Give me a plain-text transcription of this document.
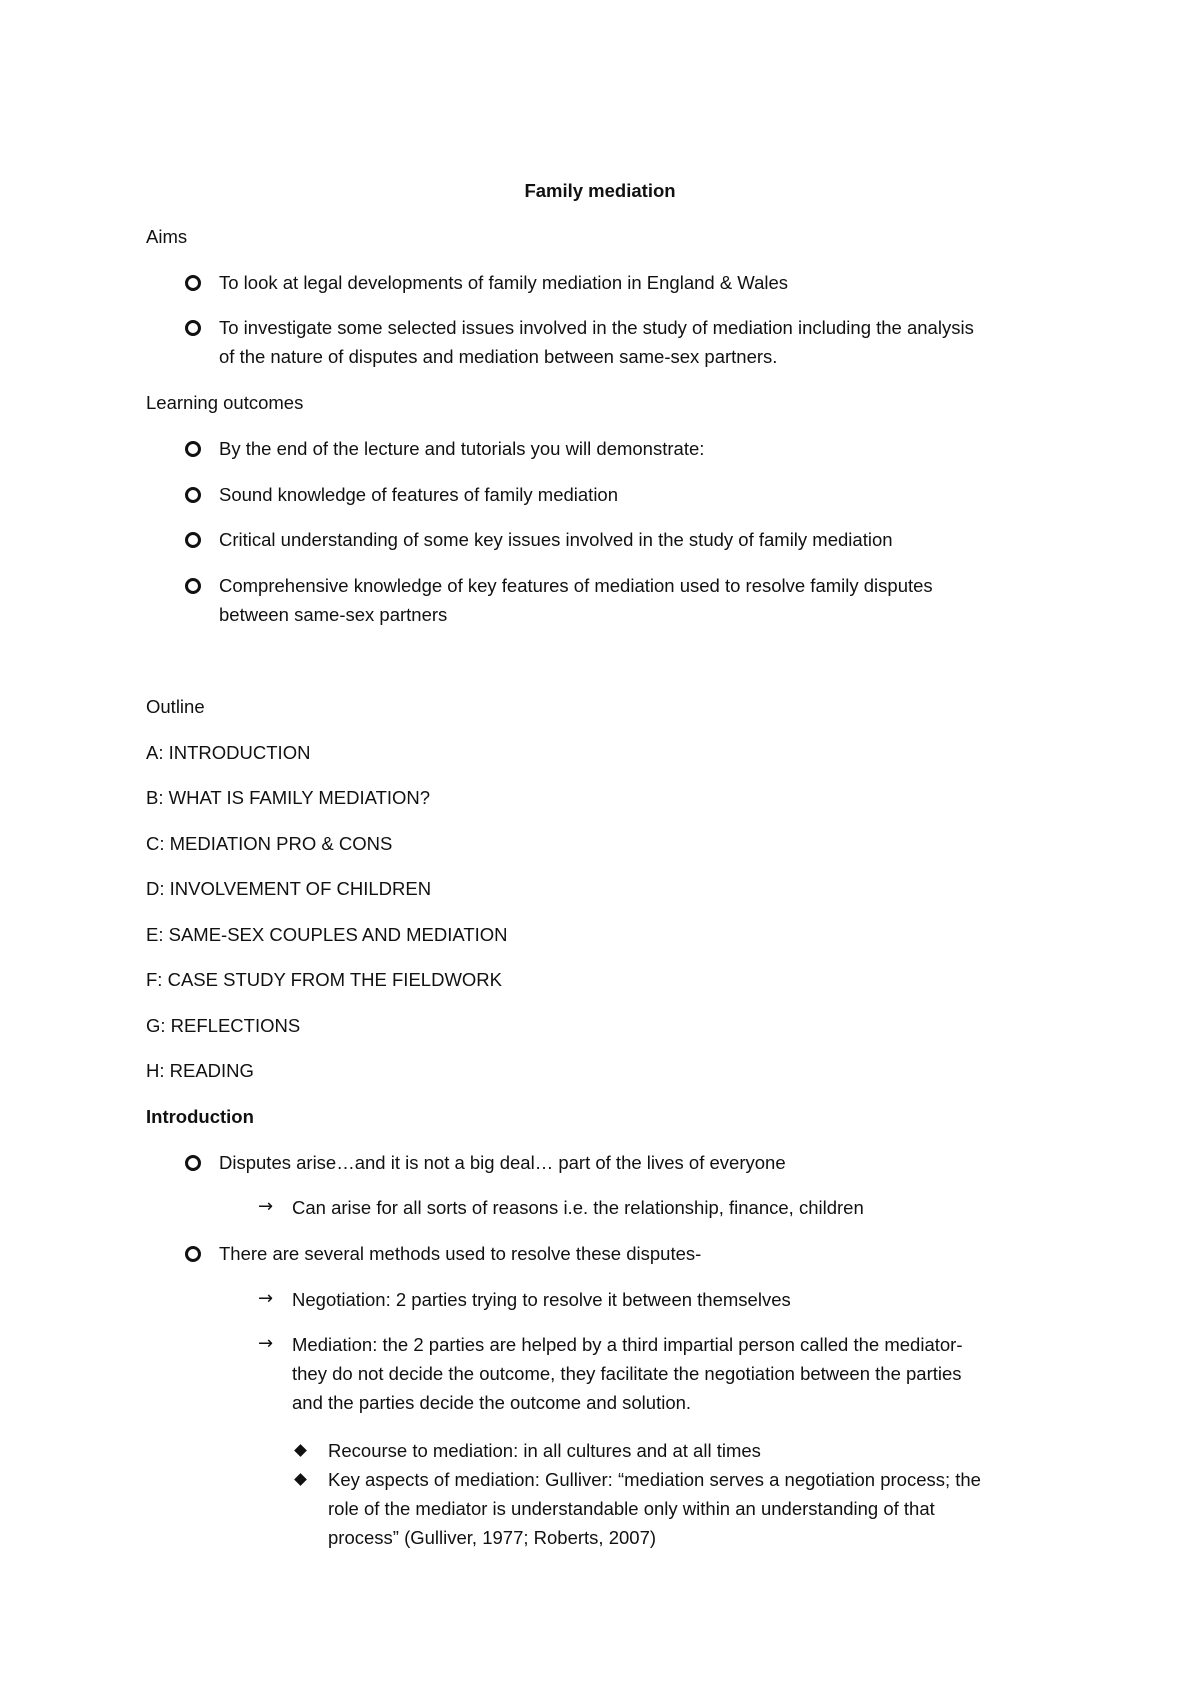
Family mediation
Aims
To look at legal developments of family mediation in England & Wales
To investigate some selected issues involved in the study of mediation including the analysis
of the nature of disputes and mediation between same-sex partners.
Learning outcomes
By the end of the lecture and tutorials you will demonstrate:
Sound knowledge of features of family mediation
Critical understanding of some key issues involved in the study of family mediation
Comprehensive knowledge of key features of mediation used to resolve family disputes
between same-sex partners
Outline
A: INTRODUCTION
B: WHAT IS FAMILY MEDIATION?
C: MEDIATION PRO & CONS
D: INVOLVEMENT OF CHILDREN
E: SAME-SEX COUPLES AND MEDIATION
F: CASE STUDY FROM THE FIELDWORK
G: REFLECTIONS
H: READING
Introduction
Disputes arise…and it is not a big deal… part of the lives of everyone
→ Can arise for all sorts of reasons i.e. the relationship, finance, children
There are several methods used to resolve these disputes-
→ Negotiation: 2 parties trying to resolve it between themselves
→ Mediation: the 2 parties are helped by a third impartial person called the mediator-
they do not decide the outcome, they facilitate the negotiation between the parties
and the parties decide the outcome and solution.
Recourse to mediation: in all cultures and at all times
Key aspects of mediation: Gulliver: “mediation serves a negotiation process; the
role of the mediator is understandable only within an understanding of that
process” (Gulliver, 1977; Roberts, 2007)
